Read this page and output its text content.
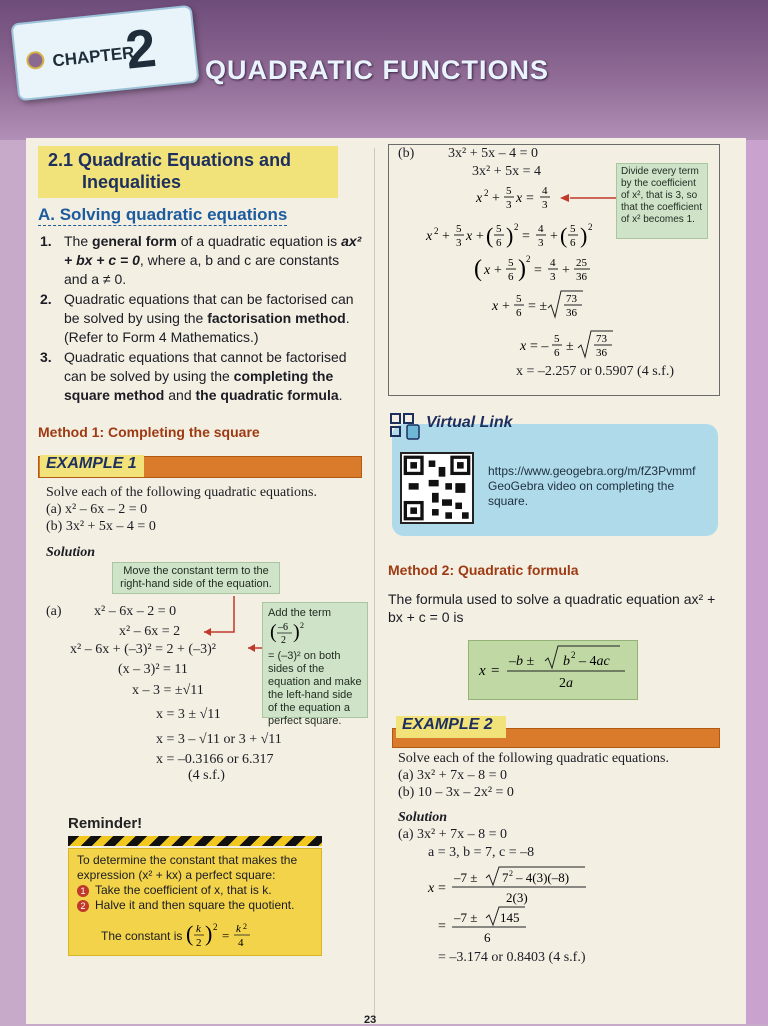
CHAPTER
2 QUADRATIC FUNCTIONS
2.1 Quadratic Equations and
Inequalities
A. Solving quadratic equations
1. The general form of a quadratic equation is ax² + bx + c = 0, where a, b and c are constants and a ≠ 0.
2. Quadratic equations that can be factorised can be solved by using the factorisation method. (Refer to Form 4 Mathematics.)
3. Quadratic equations that cannot be factorised can be solved by using the completing the square method and the quadratic formula.
Method 1: Completing the square
EXAMPLE 1
Solve each of the following quadratic equations.
(a) x² – 6x – 2 = 0
(b) 3x² + 5x – 4 = 0
Solution
Move the constant term to the right-hand side of the equation.
(a) x² – 6x – 2 = 0
x² – 6x = 2
x² – 6x + (–3)² = 2 + (–3)²
(x – 3)² = 11
x – 3 = ±√11
x = 3 ± √11
x = 3 – √11 or 3 + √11
x = –0.3166 or 6.317
(4 s.f.)
Add the term
( –6
2 ) 2
= (–3)² on both sides of the equation and make the left-hand side of the equation a perfect square.
Reminder!
To determine the constant that makes the expression (x² + kx) a perfect square:
1 Take the coefficient of x, that is k.
2 Halve it and then square the quotient.
The constant is ( k
2 ) 2
= k 2
4
(b) 3x² + 5x – 4 = 0
3x² + 5x = 4
x 2 + 5
3 x = 4
3
x 2 + 5
3 x + ( 5
6 ) 2
= 4
3 + ( 5
6 ) 2
( x + 5
6 ) 2
= 4
3 + 25
36
x + 5
6 = ± 73
36
x = – 5
6 ± 73
36
x = –2.257 or 0.5907 (4 s.f.)
Divide every term by the coefficient of x², that is 3, so that the coefficient of x² becomes 1.
Virtual Link
https://www.geogebra.org/m/fZ3Pvmmf
GeoGebra video on completing the square.
Method 2: Quadratic formula
The formula used to solve a quadratic equation ax² + bx + c = 0 is
x =
–b ± b 2 – 4ac
2a
EXAMPLE 2
Solve each of the following quadratic equations.
(a) 3x² + 7x – 8 = 0
(b) 10 – 3x – 2x² = 0
Solution
(a) 3x² + 7x – 8 = 0
a = 3, b = 7, c = –8
x =
–7 ± 7 2 – 4(3)(–8)
2(3)
=
–7 ± 145
6
= –3.174 or 0.8403 (4 s.f.)
23
